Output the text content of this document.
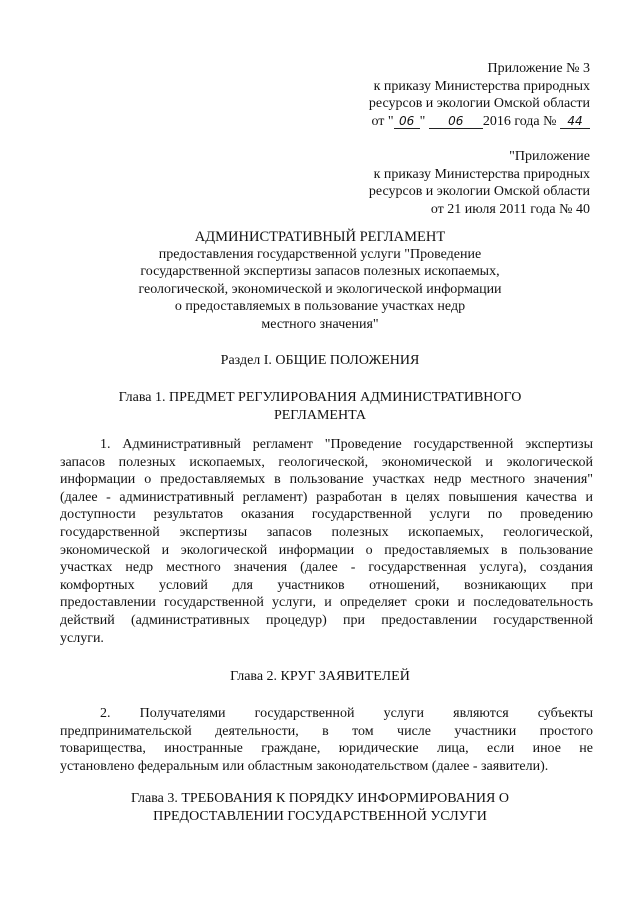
Приложение № 3
к приказу Министерства природных
ресурсов и экологии Омской области
от " 06 " 06 2016 года № 44
"Приложение
к приказу Министерства природных
ресурсов и экологии Омской области
от 21 июля 2011 года № 40
АДМИНИСТРАТИВНЫЙ РЕГЛАМЕНТ
предоставления государственной услуги "Проведение
государственной экспертизы запасов полезных ископаемых,
геологической, экономической и экологической информации
о предоставляемых в пользование участках недр
местного значения"
Раздел I. ОБЩИЕ ПОЛОЖЕНИЯ
Глава 1. ПРЕДМЕТ РЕГУЛИРОВАНИЯ АДМИНИСТРАТИВНОГО
РЕГЛАМЕНТА
1. Административный регламент "Проведение государственной экспертизы
запасов полезных ископаемых, геологической, экономической и экологической
информации о предоставляемых в пользование участках недр местного значения"
(далее - административный регламент) разработан в целях повышения качества и
доступности результатов оказания государственной услуги по проведению
государственной экспертизы запасов полезных ископаемых, геологической,
экономической и экологической информации о предоставляемых в пользование
участках недр местного значения (далее - государственная услуга), создания
комфортных условий для участников отношений, возникающих при
предоставлении государственной услуги, и определяет сроки и последовательность
действий (административных процедур) при предоставлении государственной
услуги.
Глава 2. КРУГ ЗАЯВИТЕЛЕЙ
2. Получателями государственной услуги являются субъекты
предпринимательской деятельности, в том числе участники простого
товарищества, иностранные граждане, юридические лица, если иное не
установлено федеральным или областным законодательством (далее - заявители).
Глава 3. ТРЕБОВАНИЯ К ПОРЯДКУ ИНФОРМИРОВАНИЯ О
ПРЕДОСТАВЛЕНИИ ГОСУДАРСТВЕННОЙ УСЛУГИ
